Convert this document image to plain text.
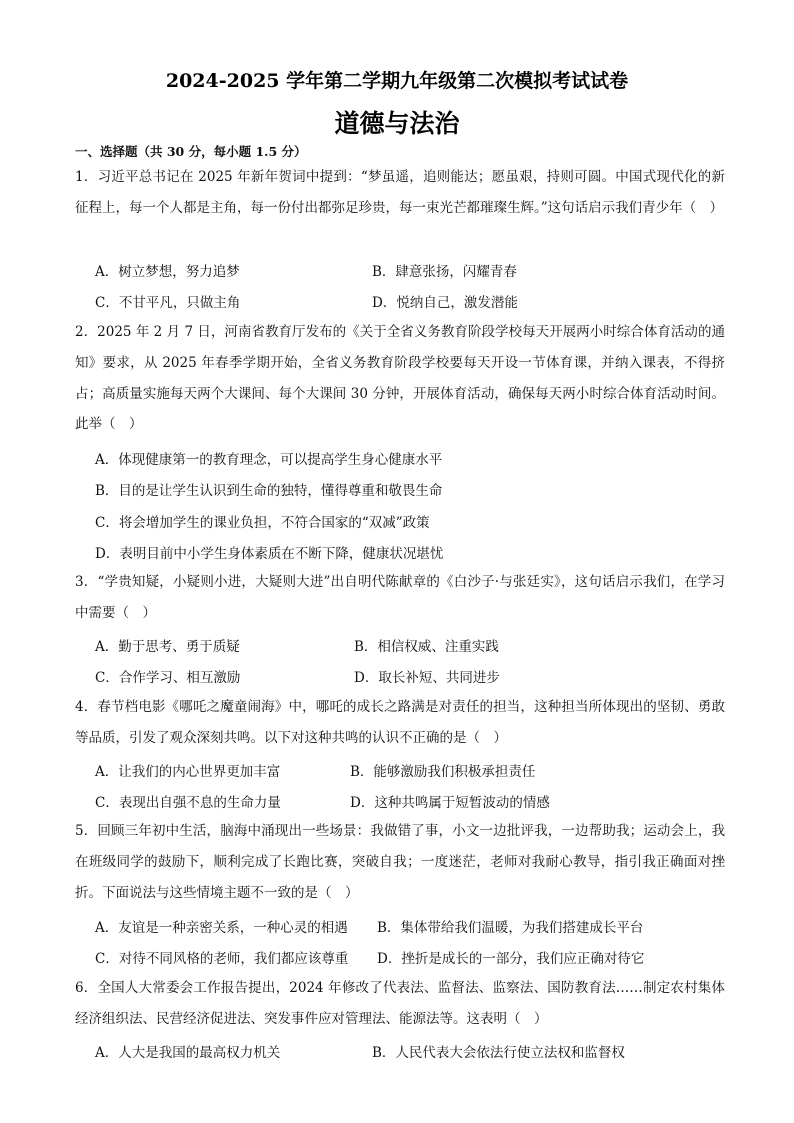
2024-2025 学年第二学期九年级第二次模拟考试试卷
道德与法治
一、选择题（共 30 分，每小题 1.5 分）
1．习近平总书记在 2025 年新年贺词中提到：“梦虽遥，追则能达；愿虽艰，持则可圆。中国式现代化的新征程上，每一个人都是主角，每一份付出都弥足珍贵，每一束光芒都璀璨生辉。”这句话启示我们青少年（　）
A．树立梦想，努力追梦	B．肆意张扬，闪耀青春
C．不甘平凡，只做主角	D．悦纳自己，激发潜能
2．2025 年 2 月 7 日，河南省教育厅发布的《关于全省义务教育阶段学校每天开展两小时综合体育活动的通知》要求，从 2025 年春季学期开始，全省义务教育阶段学校要每天开设一节体育课，并纳入课表，不得挤占；高质量实施每天两个大课间、每个大课间 30 分钟，开展体育活动，确保每天两小时综合体育活动时间。此举（　）
A．体现健康第一的教育理念，可以提高学生身心健康水平
B．目的是让学生认识到生命的独特，懂得尊重和敬畏生命
C．将会增加学生的课业负担，不符合国家的“双减”政策
D．表明目前中小学生身体素质在不断下降，健康状况堪忧
3．“学贵知疑，小疑则小进，大疑则大进”出自明代陈献章的《白沙子·与张廷实》，这句话启示我们，在学习中需要（　）
A．勤于思考、勇于质疑	B．相信权威、注重实践
C．合作学习、相互激励	D．取长补短、共同进步
4．春节档电影《哪吒之魔童闹海》中，哪吒的成长之路满是对责任的担当，这种担当所体现出的坚韧、勇敢等品质，引发了观众深刻共鸣。以下对这种共鸣的认识不正确的是（　）
A．让我们的内心世界更加丰富	B．能够激励我们积极承担责任
C．表现出自强不息的生命力量	D．这种共鸣属于短暂波动的情感
5．回顾三年初中生活，脑海中涌现出一些场景：我做错了事，小文一边批评我，一边帮助我；运动会上，我在班级同学的鼓励下，顺利完成了长跑比赛，突破自我；一度迷茫，老师对我耐心教导，指引我正确面对挫折。下面说法与这些情境主题不一致的是（　）
A．友谊是一种亲密关系，一种心灵的相遇 B．集体带给我们温暖，为我们搭建成长平台
C．对待不同风格的老师，我们都应该尊重 D．挫折是成长的一部分，我们应正确对待它
6．全国人大常委会工作报告提出，2024 年修改了代表法、监督法、监察法、国防教育法……制定农村集体经济组织法、民营经济促进法、突发事件应对管理法、能源法等。这表明（　）
A．人大是我国的最高权力机关	B．人民代表大会依法行使立法权和监督权
